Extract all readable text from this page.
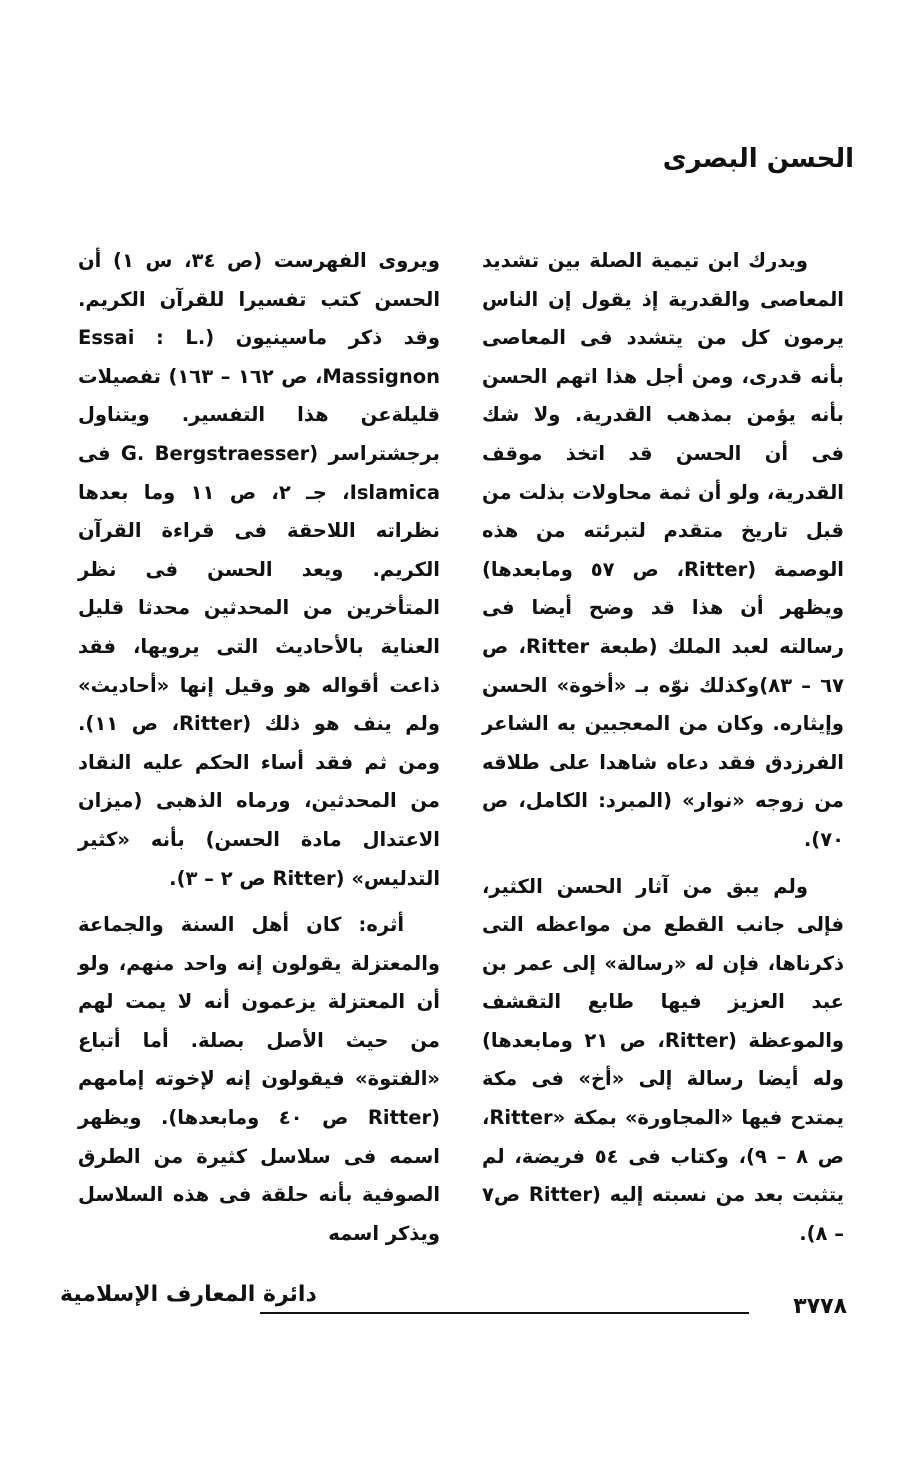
الحسن البصرى

ويدرك ابن تيمية الصلة بين تشديد المعاصى والقدرية إذ يقول إن الناس يرمون كل من يتشدد فى المعاصى بأنه قدرى، ومن أجل هذا اتهم الحسن بأنه يؤمن بمذهب القدرية. ولا شك فى أن الحسن قد اتخذ موقف القدرية، ولو أن ثمة محاولات بذلت من قبل تاريخ متقدم لتبرئته من هذه الوصمة (Ritter، ص ٥٧ ومابعدها) ويظهر أن هذا قد وضح أيضا فى رسالته لعبد الملك (طبعة Ritter، ص ٦٧ – ٨٣)وكذلك نوّه بـ «أخوة» الحسن وإيثاره. وكان من المعجبين به الشاعر الفرزدق فقد دعاه شاهدا على طلاقه من زوجه «نوار» (المبرد: الكامل، ص ٧٠).

ولم يبق من آثار الحسن الكثير، فإلى جانب القطع من مواعظه التى ذكرناها، فإن له «رسالة» إلى عمر بن عبد العزيز فيها طابع التقشف والموعظة (Ritter، ص ٢١ ومابعدها) وله أيضا رسالة إلى «أخ» فى مكة يمتدح فيها «المجاورة» بمكة «Ritter، ص ٨ – ٩)، وكتاب فى ٥٤ فريضة، لم يتثبت بعد من نسبته إليه (Ritter ص٧ – ٨).

ويروى الفهرست (ص ٣٤، س ١) أن الحسن كتب تفسيرا للقرآن الكريم. وقد ذكر ماسينيون (Essai : L. Massignon، ص ١٦٢ – ١٦٣) تفصيلات قليلةعن هذا التفسير. ويتناول برجشتراسر (G. Bergstraesser فى Islamica، جـ ٢، ص ١١ وما بعدها نظراته اللاحقة فى قراءة القرآن الكريم. ويعد الحسن فى نظر المتأخرين من المحدثين محدثا قليل العناية بالأحاديث التى يرويها، فقد ذاعت أقواله هو وقيل إنها «أحاديث» ولم ينف هو ذلك (Ritter، ص ١١). ومن ثم فقد أساء الحكم عليه النقاد من المحدثين، ورماه الذهبى (ميزان الاعتدال مادة الحسن) بأنه «كثير التدليس» (Ritter ص ٢ – ٣).

أثره: كان أهل السنة والجماعة والمعتزلة يقولون إنه واحد منهم، ولو أن المعتزلة يزعمون أنه لا يمت لهم من حيث الأصل بصلة. أما أتباع «الفتوة» فيقولون إنه لإخوته إمامهم (Ritter ص ٤٠ ومابعدها). ويظهر اسمه فى سلاسل كثيرة من الطرق الصوفية بأنه حلقة فى هذه السلاسل ويذكر اسمه

٣٧٧٨
دائرة المعارف الإسلامية
